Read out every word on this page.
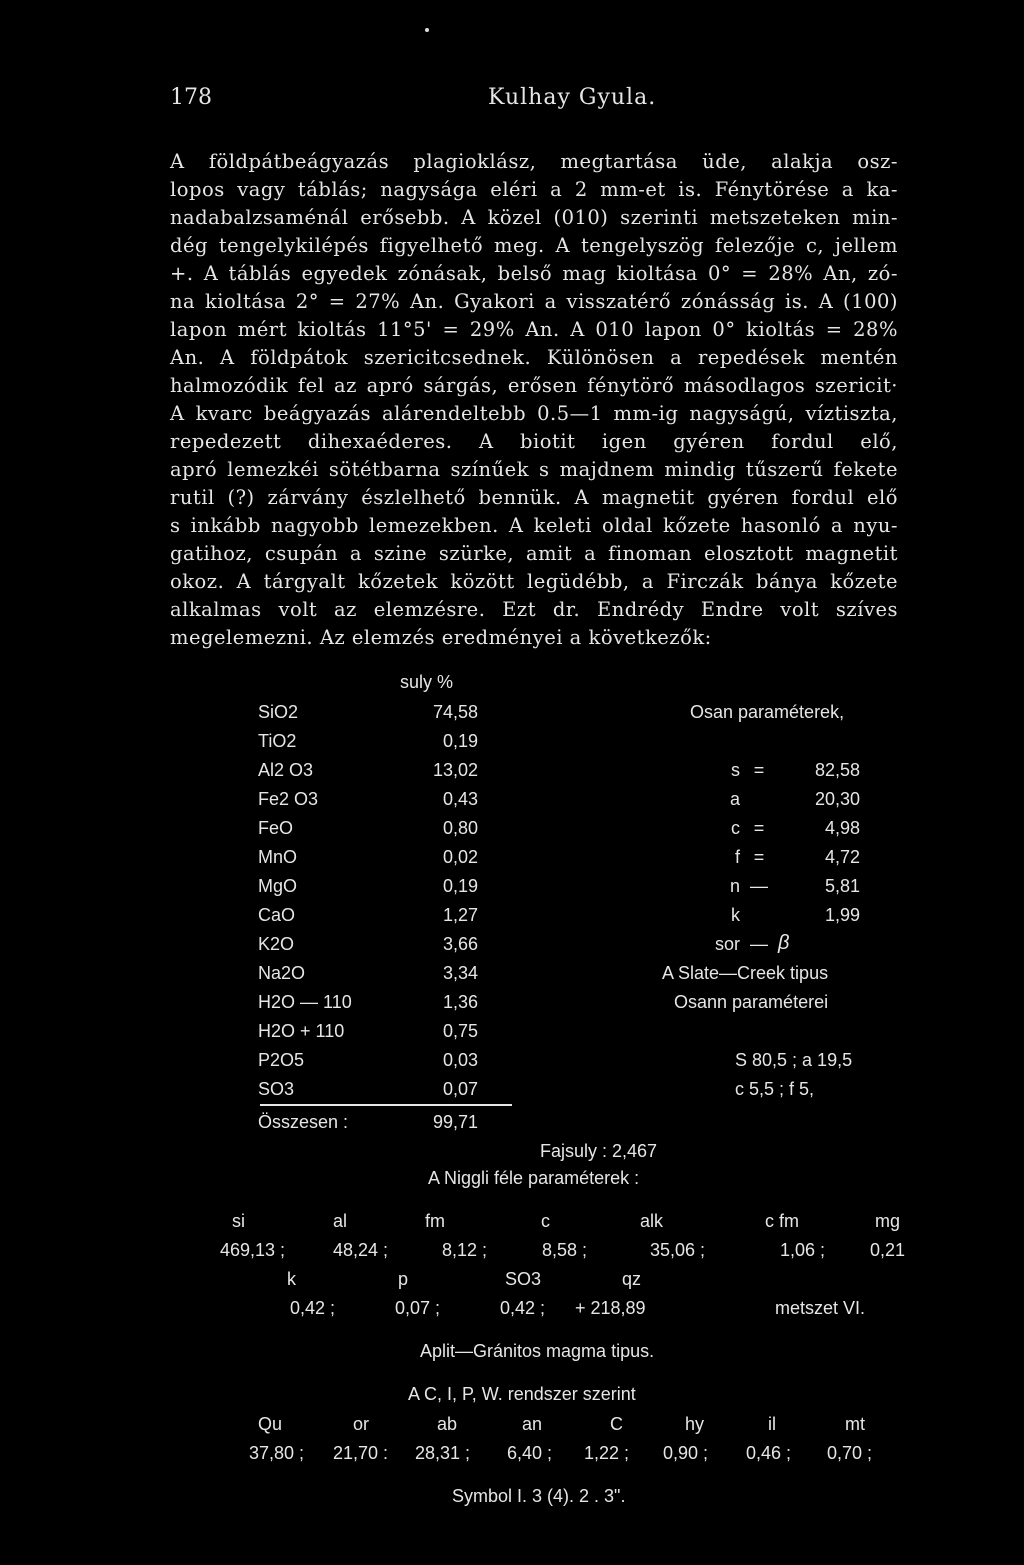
178	Kulhay Gyula.
A földpátbeágyazás plagioklász, megtartása üde, alakja osz-
lopos vagy táblás; nagysága eléri a 2 mm-et is. Fénytörése a ka-
nadabalzsaménál erősebb. A közel (010) szerinti metszeteken min-
dég tengelykilépés figyelhető meg. A tengelyszög felezője c, jellem
+. A táblás egyedek zónásak, belső mag kioltása 0° = 28% An, zó-
na kioltása 2° = 27% An. Gyakori a visszatérő zónásság is. A (100)
lapon mért kioltás 11°5' = 29% An. A 010 lapon 0° kioltás = 28%
An. A földpátok szericitcsednek. Különösen a repedések mentén
halmozódik fel az apró sárgás, erősen fénytörő másodlagos szericit·
A kvarc beágyazás alárendeltebb 0.5—1 mm-ig nagyságú, víztiszta,
repedezett dihexaéderes. A biotit igen gyéren fordul elő,
apró lemezkéi sötétbarna színűek s majdnem mindig tűszerű fekete
rutil (?) zárvány észlelhető bennük. A magnetit gyéren fordul elő
s inkább nagyobb lemezekben. A keleti oldal kőzete hasonló a nyu-
gatihoz, csupán a szine szürke, amit a finoman elosztott magnetit
okoz. A tárgyalt kőzetek között legüdébb, a Firczák bánya kőzete
alkalmas volt az elemzésre. Ezt dr. Endrédy Endre volt szíves
megelemezni. Az elemzés eredményei a következők:
suly %
SiO2	74,58
TiO2	0,19
Al2 O3	13,02
Fe2 O3	0,43
FeO	0,80
MnO	0,02
MgO	0,19
CaO	1,27
K2O	3,66
Na2O	3,34
H2O — 110	1,36
H2O + 110	0,75
P2O5	0,03
SO3	0,07
Összesen :	99,71
Fajsuly : 2,467
Osan paraméterek,
s =	82,58
a	20,30
c =	4,98
f =	4,72
n —	5,81
k	1,99
sor — β
A Slate—Creek tipus
Osann paraméterei
S 80,5 ; a 19,5
c 5,5 ; f 5,
A Niggli féle paraméterek :
si	al	fm	c	alk	c fm	mg
469,13 ;	48,24 ;	8,12 ;	8,58 ;	35,06 ;	1,06 ;	0,21
k	p	SO3	qz
0,42 ;	0,07 ;	0,42 ; + 218,89	metszet VI.
Aplit—Gránitos magma tipus.
A C, I, P, W. rendszer szerint
Qu	or	ab	an	C	hy	il	mt
37,80 ; 21,70 : 28,31 ; 6,40 ; 1,22 ; 0,90 ; 0,46 ; 0,70 ;
Symbol I. 3 (4). 2 . 3".
